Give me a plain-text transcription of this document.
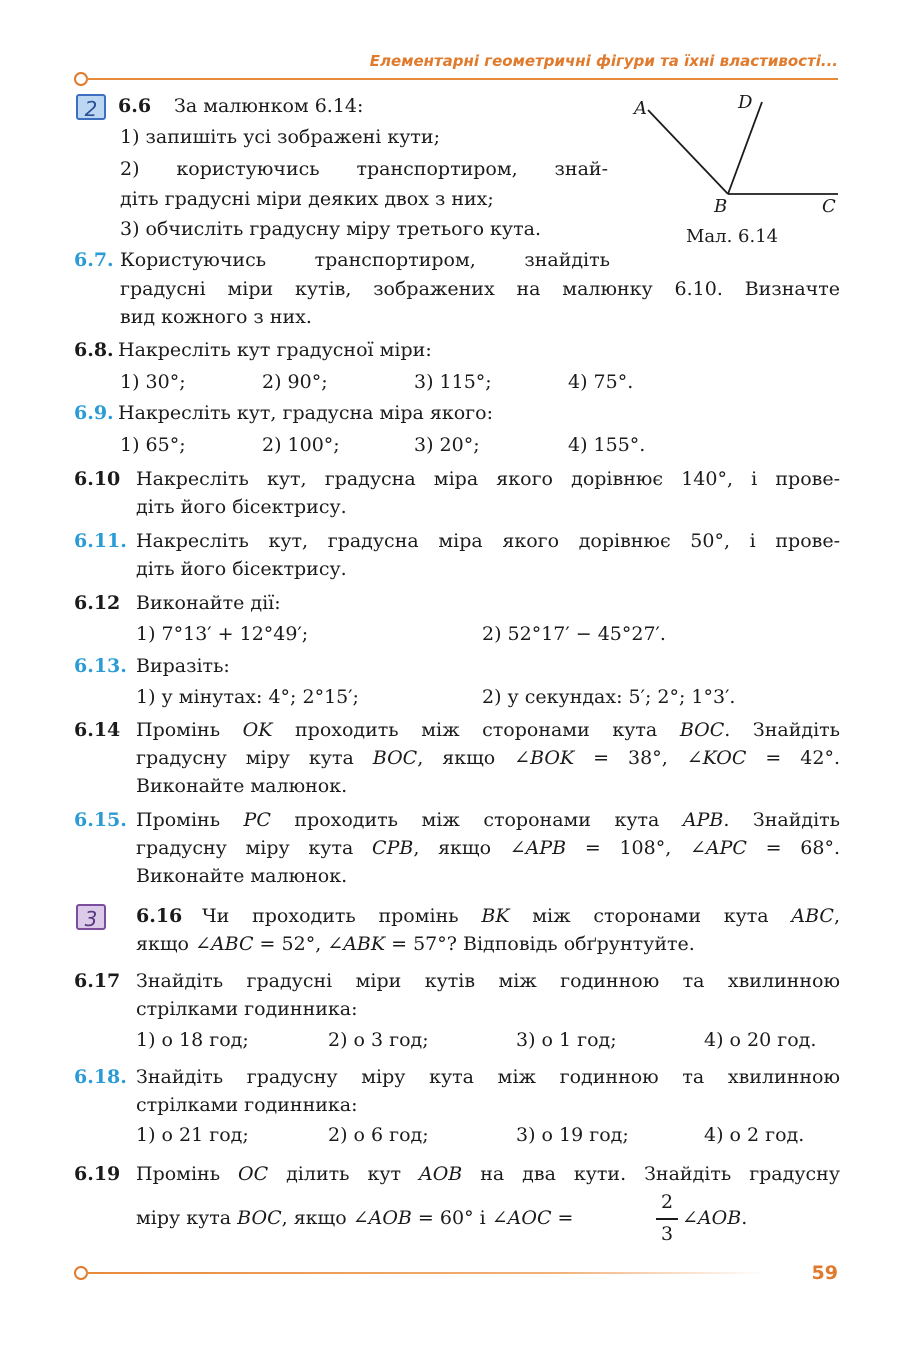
Елементарні геометричні фігури та їхні властивості...
2	A	D
B	C
Мал. 6.14
6.6 За малюнком 6.14:
1) запишіть усі зображені кути;
2) користуючись транспортиром, знай-
діть градусні міри деяких двох з них;
3) обчисліть градусну міру третього кута.
6.7. Користуючись транспортиром, знайдіть
градусні міри кутів, зображених на малюнку 6.10. Визначте
вид кожного з них.
6.8. Накресліть кут градусної міри:
1) 30°;	2) 90°;	3) 115°;	4) 75°.
6.9. Накресліть кут, градусна міра якого:
1) 65°;	2) 100°;	3) 20°;	4) 155°.
6.10 Накресліть кут, градусна міра якого дорівнює 140°, і прове-
діть його бісектрису.
6.11. Накресліть кут, градусна міра якого дорівнює 50°, і прове-
діть його бісектрису.
6.12 Виконайте дії:
1) 7°13′ + 12°49′;	2) 52°17′ − 45°27′.
6.13. Виразіть:
1) у мінутах: 4°; 2°15′;	2) у секундах: 5′; 2°; 1°3′.
6.14 Промінь OK проходить між сторонами кута BOC. Знайдіть
градусну міру кута BOC, якщо ∠BOK = 38°, ∠KOC = 42°.
Виконайте малюнок.
6.15. Промінь PC проходить між сторонами кута APB. Знайдіть
градусну міру кута CPB, якщо ∠APB = 108°, ∠APC = 68°.
Виконайте малюнок.
3	6.16 Чи проходить промінь BK між сторонами кута ABC,
якщо ∠ABC = 52°, ∠ABK = 57°? Відповідь обґрунтуйте.
6.17 Знайдіть градусні міри кутів між годинною та хвилинною
стрілками годинника:
1) о 18 год;	2) о 3 год;	3) о 1 год;	4) о 20 год.
6.18. Знайдіть градусну міру кута між годинною та хвилинною
стрілками годинника:
1) о 21 год;	2) о 6 год;	3) о 19 год;	4) о 2 год.
6.19 Промінь OC ділить кут AOB на два кути. Знайдіть градусну
міру кута BOC, якщо ∠AOB = 60° і ∠AOC =
2
3
∠AOB.
59
